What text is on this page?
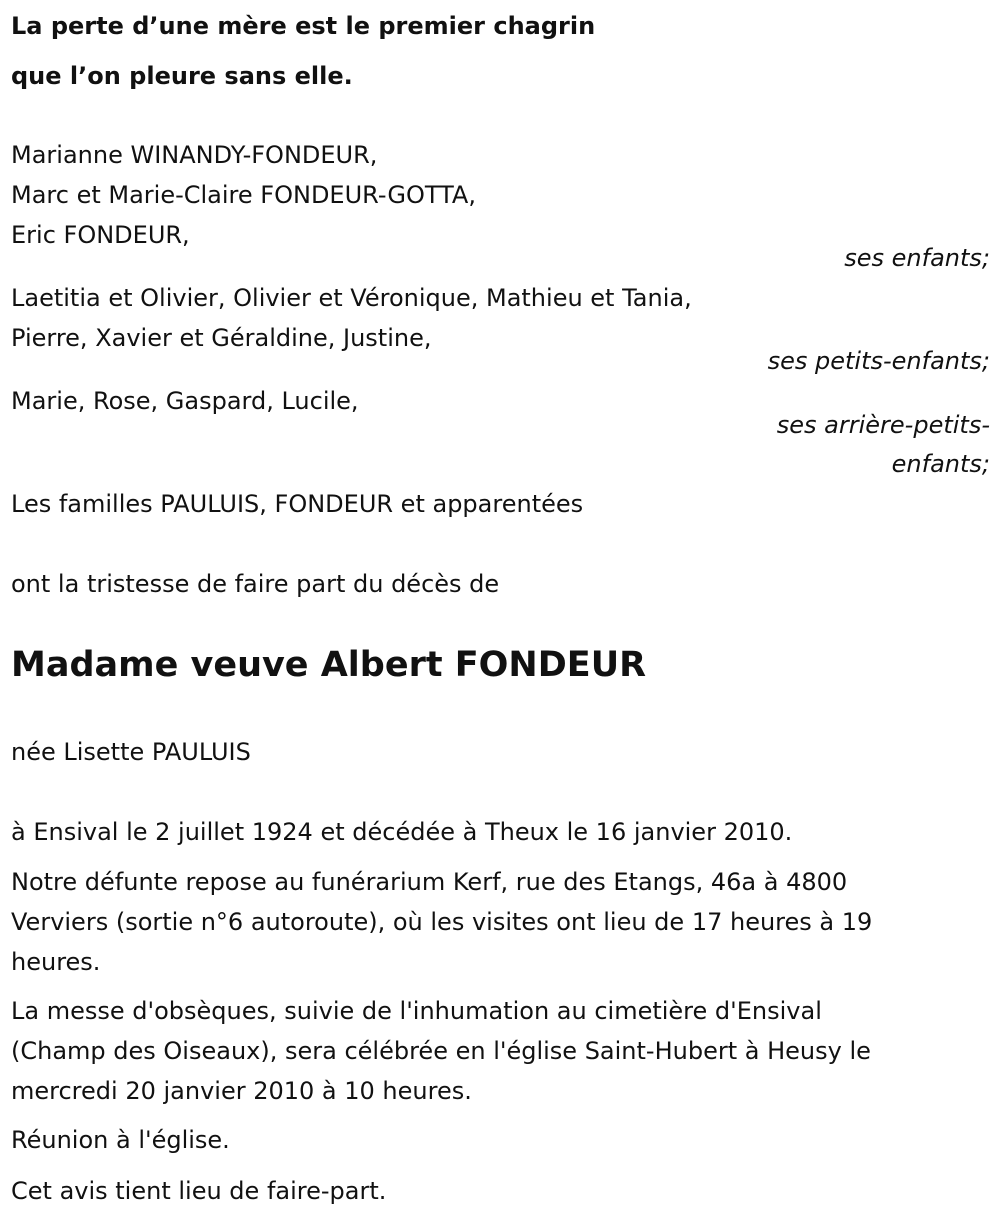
La perte d’une mère est le premier chagrin
que l’on pleure sans elle.
Marianne WINANDY-FONDEUR,
Marc et Marie-Claire FONDEUR-GOTTA,
Eric FONDEUR,
ses enfants;
Laetitia et Olivier, Olivier et Véronique, Mathieu et Tania,
Pierre, Xavier et Géraldine, Justine,
ses petits-enfants;
Marie, Rose, Gaspard, Lucile,
ses arrière-petits-
enfants;
Les familles PAULUIS, FONDEUR et apparentées
ont la tristesse de faire part du décès de
Madame veuve Albert FONDEUR
née Lisette PAULUIS
à Ensival le 2 juillet 1924 et décédée à Theux le 16 janvier 2010.
Notre défunte repose au funérarium Kerf, rue des Etangs, 46a à 4800
Verviers (sortie n°6 autoroute), où les visites ont lieu de 17 heures à 19
heures.
La messe d'obsèques, suivie de l'inhumation au cimetière d'Ensival
(Champ des Oiseaux), sera célébrée en l'église Saint-Hubert à Heusy le
mercredi 20 janvier 2010 à 10 heures.
Réunion à l'église.
Cet avis tient lieu de faire-part.
